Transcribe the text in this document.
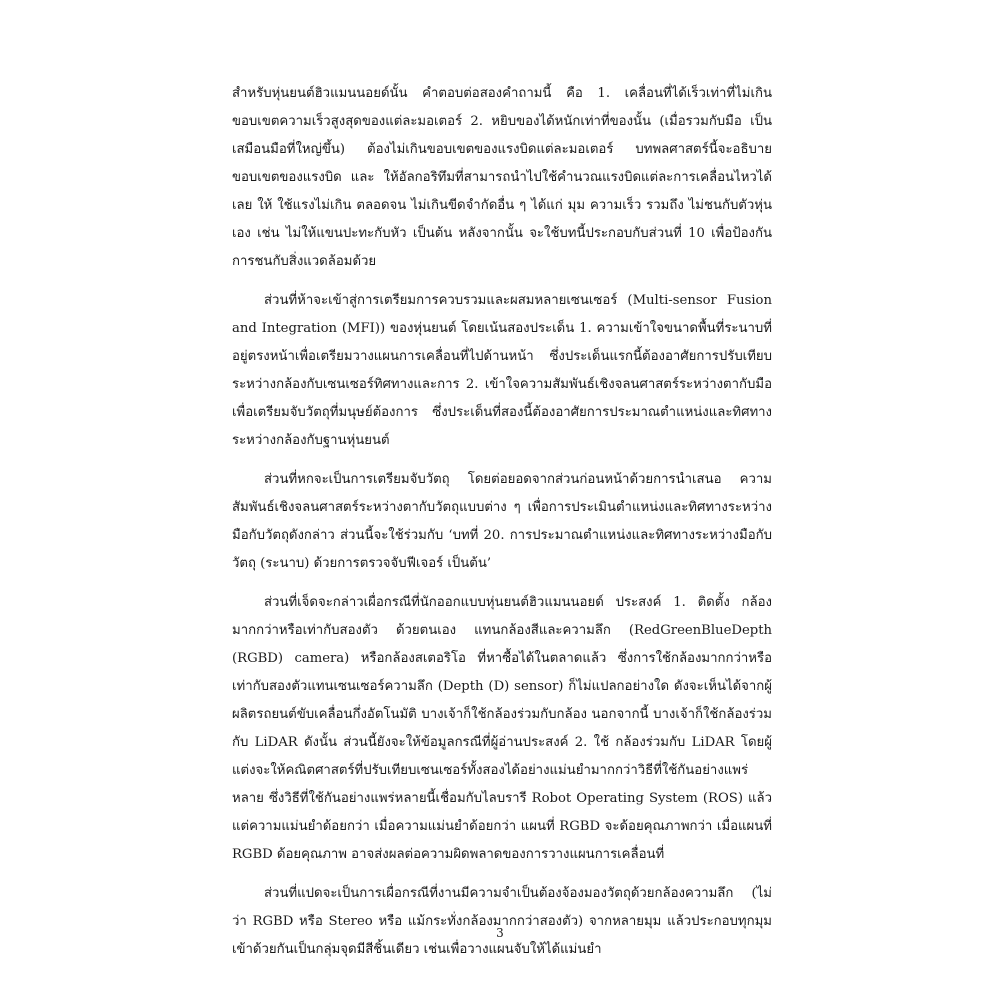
สำหรับหุ่นยนต์ฮิวแมนนอยด์นั้น คำตอบต่อสองคำถามนี้ คือ 1. เคลื่อนที่ได้เร็วเท่าที่ไม่เกินขอบเขตความเร็วสูงสุดของแต่ละมอเตอร์ 2. หยิบของได้หนักเท่าที่ของนั้น (เมื่อรวมกับมือ เป็นเสมือนมือที่ใหญ่ขึ้น) ต้องไม่เกินขอบเขตของแรงบิดแต่ละมอเตอร์ บทพลศาสตร์นี้จะอธิบายขอบเขตของแรงบิด และ ให้อัลกอริทึมที่สามารถนำไปใช้คำนวณแรงบิดแต่ละการเคลื่อนไหวได้เลย ให้ ใช้แรงไม่เกิน ตลอดจน ไม่เกินขีดจำกัดอื่น ๆ ได้แก่ มุม ความเร็ว รวมถึง ไม่ชนกับตัวหุ่นเอง เช่น ไม่ให้แขนปะทะกับหัว เป็นต้น หลังจากนั้น จะใช้บทนี้ประกอบกับส่วนที่ 10 เพื่อป้องกันการชนกับสิ่งแวดล้อมด้วย

ส่วนที่ห้าจะเข้าสู่การเตรียมการควบรวมและผสมหลายเซนเซอร์ (Multi-sensor Fusion and Integration (MFI)) ของหุ่นยนต์ โดยเน้นสองประเด็น 1. ความเข้าใจขนาดพื้นที่ระนาบที่อยู่ตรงหน้าเพื่อเตรียมวางแผนการเคลื่อนที่ไปด้านหน้า ซึ่งประเด็นแรกนี้ต้องอาศัยการปรับเทียบระหว่างกล้องกับเซนเซอร์ทิศทางและการ 2. เข้าใจความสัมพันธ์เชิงจลนศาสตร์ระหว่างตากับมือเพื่อเตรียมจับวัตถุที่มนุษย์ต้องการ ซึ่งประเด็นที่สองนี้ต้องอาศัยการประมาณตำแหน่งและทิศทางระหว่างกล้องกับฐานหุ่นยนต์

ส่วนที่หกจะเป็นการเตรียมจับวัตถุ โดยต่อยอดจากส่วนก่อนหน้าด้วยการนำเสนอ ความสัมพันธ์เชิงจลนศาสตร์ระหว่างตากับวัตถุแบบต่าง ๆ เพื่อการประเมินตำแหน่งและทิศทางระหว่างมือกับวัตถุดังกล่าว ส่วนนี้จะใช้ร่วมกับ ‘บทที่ 20. การประมาณตำแหน่งและทิศทางระหว่างมือกับวัตถุ (ระนาบ) ด้วยการตรวจจับฟีเจอร์ เป็นต้น’

ส่วนที่เจ็ดจะกล่าวเผื่อกรณีที่นักออกแบบหุ่นยนต์ฮิวแมนนอยด์ ประสงค์ 1. ติดตั้ง กล้องมากกว่าหรือเท่ากับสองตัว ด้วยตนเอง แทนกล้องสีและความลึก (RedGreenBlueDepth (RGBD) camera) หรือกล้องสเตอริโอ ที่หาซื้อได้ในตลาดแล้ว ซึ่งการใช้กล้องมากกว่าหรือเท่ากับสองตัวแทนเซนเซอร์ความลึก (Depth (D) sensor) ก็ไม่แปลกอย่างใด ดังจะเห็นได้จากผู้ผลิตรถยนต์ขับเคลื่อนกึ่งอัตโนมัติ บางเจ้าก็ใช้กล้องร่วมกับกล้อง นอกจากนี้ บางเจ้าก็ใช้กล้องร่วมกับ LiDAR ดังนั้น ส่วนนี้ยังจะให้ข้อมูลกรณีที่ผู้อ่านประสงค์ 2. ใช้ กล้องร่วมกับ LiDAR โดยผู้แต่งจะให้คณิตศาสตร์ที่ปรับเทียบเซนเซอร์ทั้งสองได้อย่างแม่นยำมากกว่าวิธีที่ใช้กันอย่างแพร่หลาย ซึ่งวิธีที่ใช้กันอย่างแพร่หลายนี้เชื่อมกับไลบรารี Robot Operating System (ROS) แล้ว แต่ความแม่นยำด้อยกว่า เมื่อความแม่นยำด้อยกว่า แผนที่ RGBD จะด้อยคุณภาพกว่า เมื่อแผนที่ RGBD ด้อยคุณภาพ อาจส่งผลต่อความผิดพลาดของการวางแผนการเคลื่อนที่

ส่วนที่แปดจะเป็นการเผื่อกรณีที่งานมีความจำเป็นต้องจ้องมองวัตถุด้วยกล้องความลึก (ไม่ว่า RGBD หรือ Stereo หรือ แม้กระทั่งกล้องมากกว่าสองตัว) จากหลายมุม แล้วประกอบทุกมุมเข้าด้วยกันเป็นกลุ่มจุดมีสีชิ้นเดียว เช่นเพื่อวางแผนจับให้ได้แม่นยำ

3
